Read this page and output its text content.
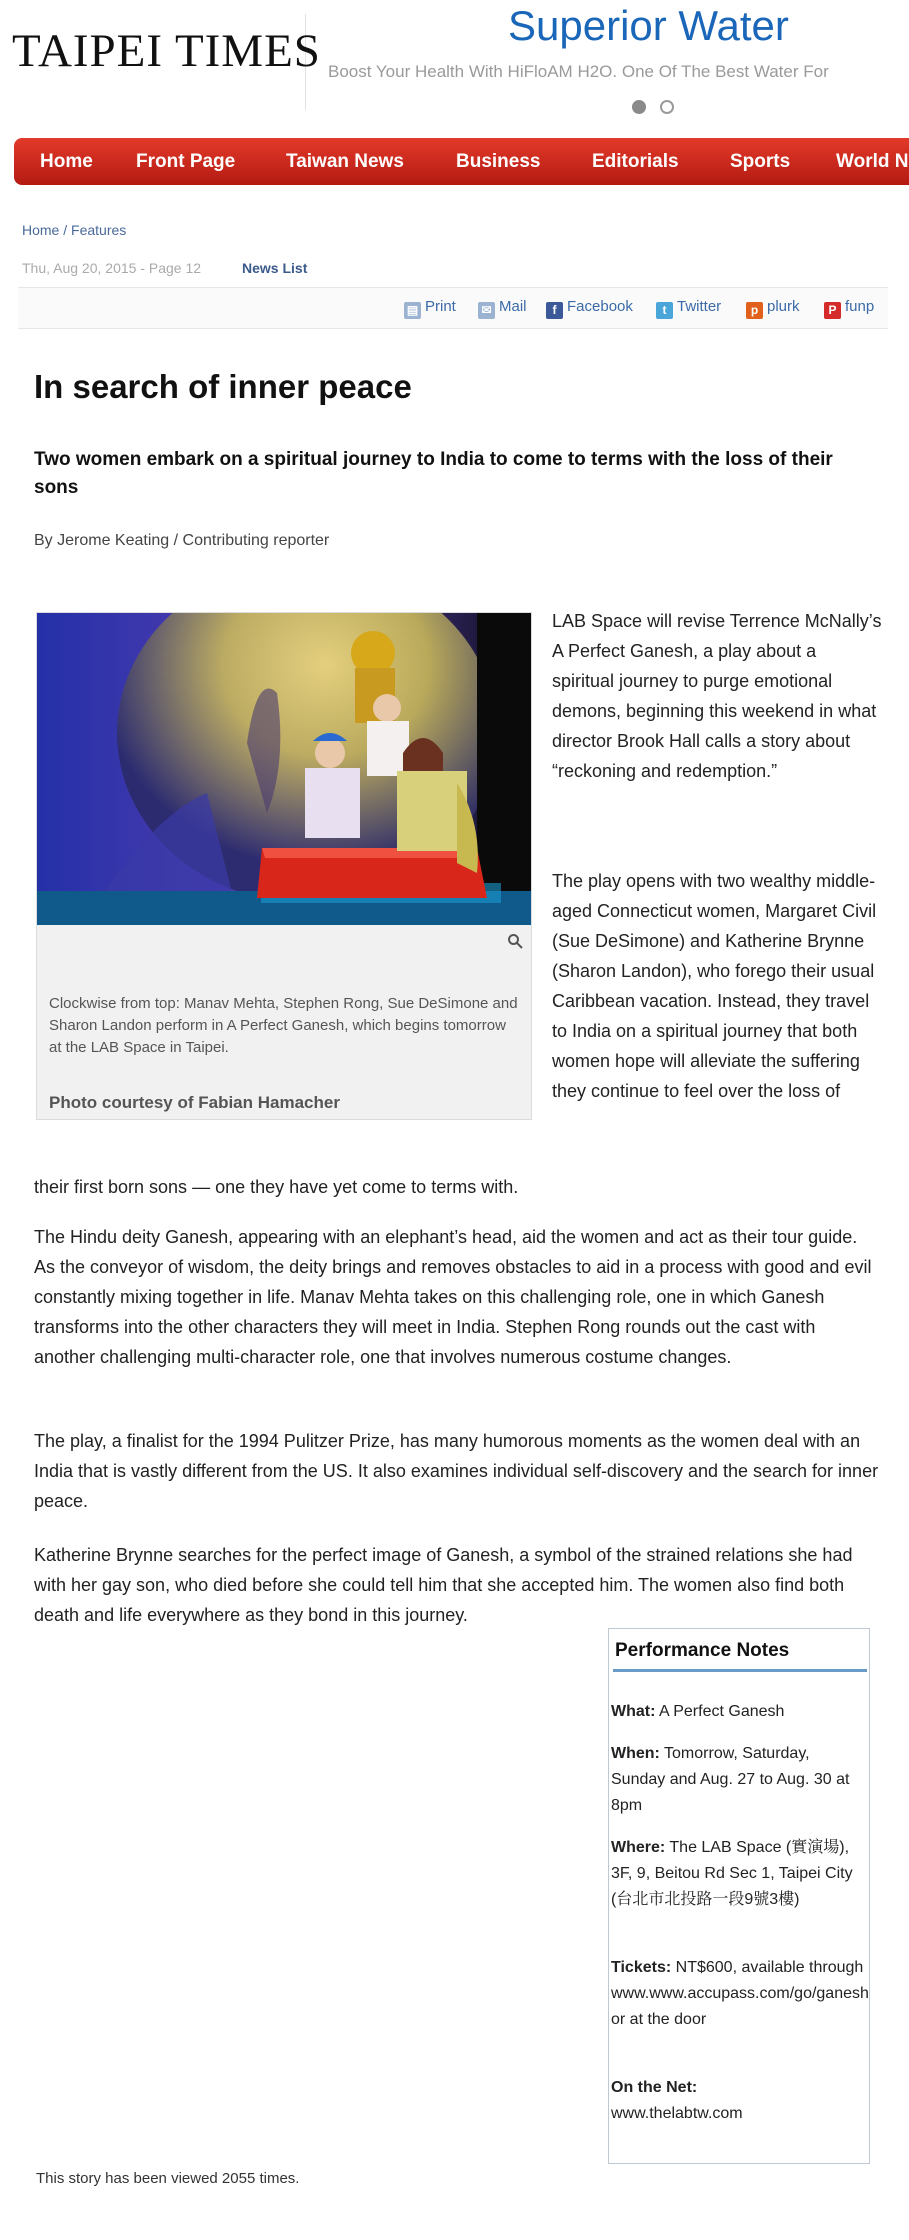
TAIPEI TIMES	Superior Water
Boost Your Health With HiFloAM H2O. One Of The Best Water For
Home Front Page	Taiwan News	Business	Editorials	Sports World N
Home / Features
Thu, Aug 20, 2015 - Page 12	News List
▤ Print ✉ Mail	f Facebook	t Twitter	p plurk	P funp
In search of inner peace
Two women embark on a spiritual journey to India to come to terms with the loss of their sons
By Jerome Keating / Contributing reporter
Clockwise from top: Manav Mehta, Stephen Rong, Sue DeSimone and Sharon Landon perform in A Perfect Ganesh, which begins tomorrow at the LAB Space in Taipei.
Photo courtesy of Fabian Hamacher
LAB Space will revise Terrence McNally’s A Perfect Ganesh, a play about a spiritual journey to purge emotional demons, beginning this weekend in what director Brook Hall calls a story about “reckoning and redemption.”
The play opens with two wealthy middle-aged Connecticut women, Margaret Civil (Sue DeSimone) and Katherine Brynne (Sharon Landon), who forego their usual Caribbean vacation. Instead, they travel to India on a spiritual journey that both women hope will alleviate the suffering they continue to feel over the loss of
their first born sons — one they have yet come to terms with.
The Hindu deity Ganesh, appearing with an elephant’s head, aid the women and act as their tour guide. As the conveyor of wisdom, the deity brings and removes obstacles to aid in a process with good and evil constantly mixing together in life. Manav Mehta takes on this challenging role, one in which Ganesh transforms into the other characters they will meet in India. Stephen Rong rounds out the cast with another challenging multi-character role, one that involves numerous costume changes.
The play, a finalist for the 1994 Pulitzer Prize, has many humorous moments as the women deal with an India that is vastly different from the US. It also examines individual self-discovery and the search for inner peace.
Katherine Brynne searches for the perfect image of Ganesh, a symbol of the strained relations she had with her gay son, who died before she could tell him that she accepted him. The women also find both death and life everywhere as they bond in this journey.
Performance Notes
What: A Perfect Ganesh
When: Tomorrow, Saturday, Sunday and Aug. 27 to Aug. 30 at 8pm
Where: The LAB Space (實演場), 3F, 9, Beitou Rd Sec 1, Taipei City (台北市北投路一段9號3樓)
Tickets: NT$600, available through www.www.accupass.com/go/ganesh or at the door
On the Net:
www.thelabtw.com
This story has been viewed 2055 times.
